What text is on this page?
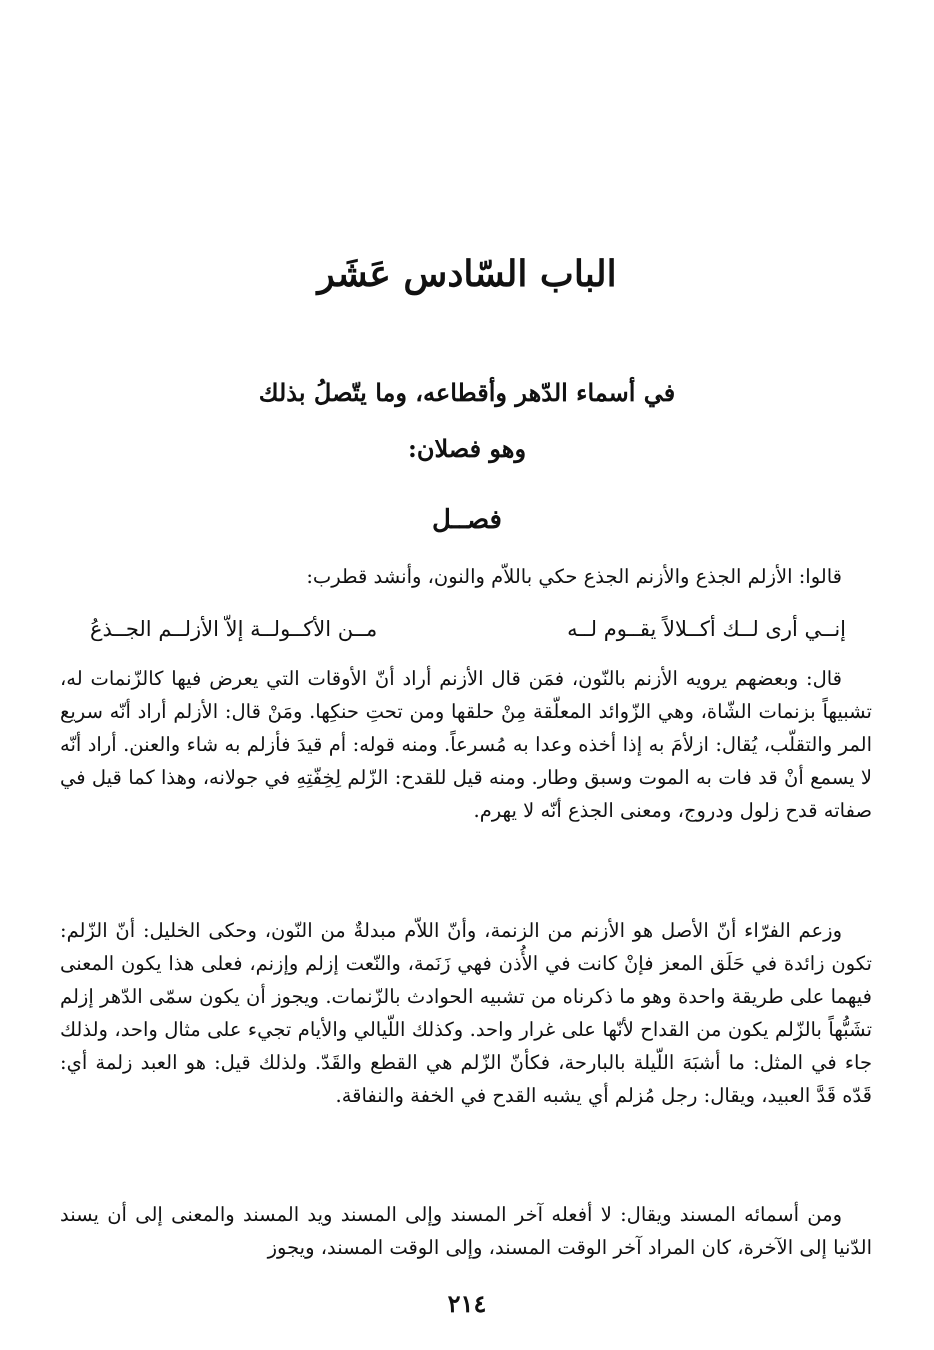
الباب السّادس عَشَر
في أسماء الدّهر وأقطاعه، وما يتّصلُ بذلك
وهو فصلان:
فصــل

قالوا: الأزلم الجذع والأزنم الجذع حكي باللاّم والنون، وأنشد قطرب:

إنــي أرى لــك أكــلالاً يقــوم لــه
مــن الأكــولــة إلاّ الأزلــم الجــذعُ

قال: وبعضهم يرويه الأزنم بالنّون، فمَن قال الأزنم أراد أنّ الأوقات التي يعرض فيها كالزّنمات له، تشبيهاً بزنمات الشّاة، وهي الزّوائد المعلّقة مِنْ حلقها ومن تحتِ حنكِها. ومَنْ قال: الأزلم أراد أنّه سريع المر والتقلّب، يُقال: ازلأمَ به إذا أخذه وعدا به مُسرعاً. ومنه قوله: أم قيدَ فأزلم به شاء والعنن. أراد أنّه لا يسمع أنْ قد فات به الموت وسبق وطار. ومنه قيل للقدح: الزّلم لِخِفّتِهِ في جولانه، وهذا كما قيل في صفاته قدح زلول ودروج، ومعنى الجذع أنّه لا يهرم.

وزعم الفرّاء أنّ الأصل هو الأزنم من الزنمة، وأنّ اللاّم مبدلةٌ من النّون، وحكى الخليل: أنّ الزّلم: تكون زائدة في حَلَق المعز فإنْ كانت في الأُذن فهي زَنَمة، والنّعت إزلم وإزنم، فعلى هذا يكون المعنى فيهما على طريقة واحدة وهو ما ذكرناه من تشبيه الحوادث بالزّنمات. ويجوز أن يكون سمّى الدّهر إزلم تشَبُّهاً بالزّلم يكون من القداح لأنّها على غرار واحد. وكذلك اللّيالي والأيام تجيء على مثال واحد، ولذلك جاء في المثل: ما أشبَهَ اللّيلة بالبارحة، فكأنّ الزّلم هي القطع والقَدّ. ولذلك قيل: هو العبد زلمة أي: قَدّه قَدَّ العبيد، ويقال: رجل مُزلم أي يشبه القدح في الخفة والنفاقة.

ومن أسمائه المسند ويقال: لا أفعله آخر المسند وإلى المسند ويد المسند والمعنى إلى أن يسند الدّنيا إلى الآخرة، كان المراد آخر الوقت المسند، وإلى الوقت المسند، ويجوز

٢١٤
